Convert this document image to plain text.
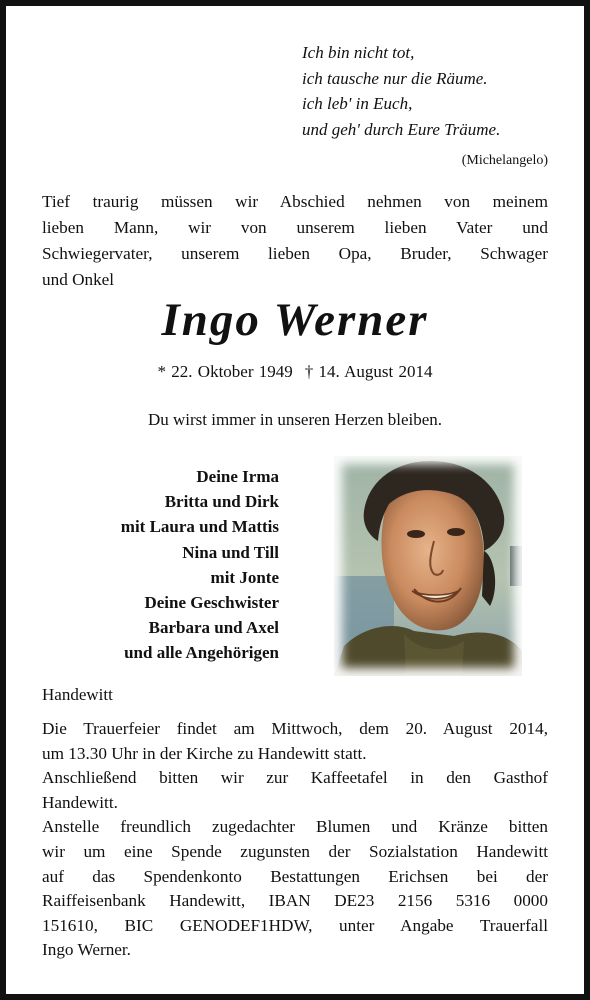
Ich bin nicht tot,
ich tausche nur die Räume.
ich leb' in Euch,
und geh' durch Eure Träume.
(Michelangelo)
Tief traurig müssen wir Abschied nehmen von meinem
lieben Mann, wir von unserem lieben Vater und
Schwiegervater, unserem lieben Opa, Bruder, Schwager
und Onkel
Ingo Werner
* 22. Oktober 1949 † 14. August 2014
Du wirst immer in unseren Herzen bleiben.
Deine Irma
Britta und Dirk
mit Laura und Mattis
Nina und Till
mit Jonte
Deine Geschwister
Barbara und Axel
und alle Angehörigen
Handewitt
Die Trauerfeier findet am Mittwoch, dem 20. August 2014,
um 13.30 Uhr in der Kirche zu Handewitt statt.
Anschließend bitten wir zur Kaffeetafel in den Gasthof
Handewitt.
Anstelle freundlich zugedachter Blumen und Kränze bitten
wir um eine Spende zugunsten der Sozialstation Handewitt
auf das Spendenkonto Bestattungen Erichsen bei der
Raiffeisenbank Handewitt, IBAN DE23 2156 5316 0000
151610, BIC GENODEF1HDW, unter Angabe Trauerfall
Ingo Werner.
